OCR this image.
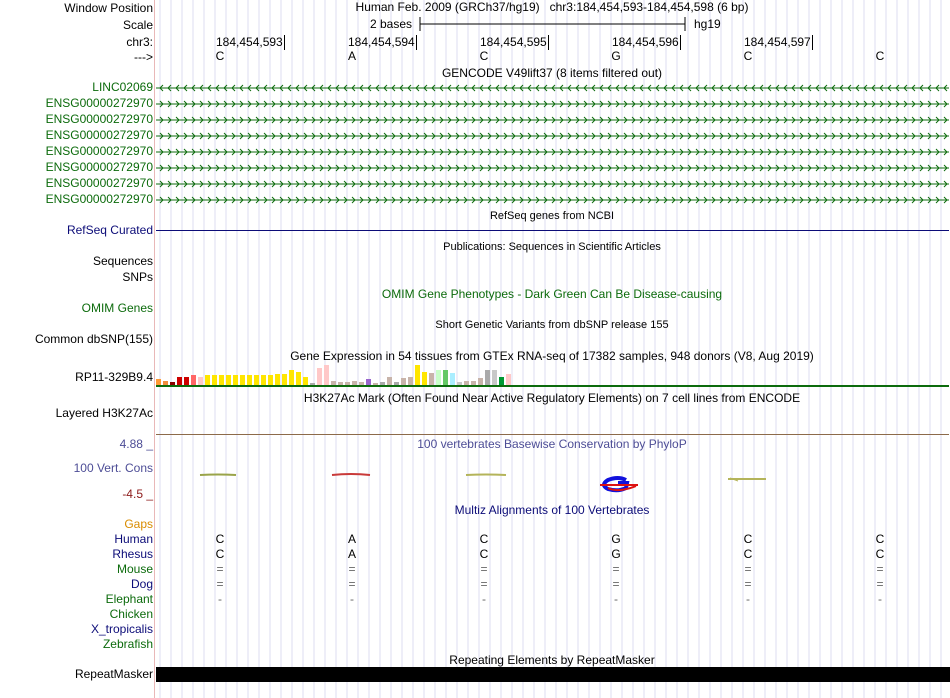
Window Position	Human Feb. 2009 (GRCh37/hg19)   chr3:184,454,593-184,454,598 (6 bp)
Scale	2 bases	hg19
chr3:	184,454,593	184,454,594	184,454,595	184,454,596	184,454,597
--->	C	A	C	G	C	C
GENCODE V49lift37 (8 items filtered out)
LINC02069
ENSG00000272970
ENSG00000272970
ENSG00000272970
ENSG00000272970
ENSG00000272970
ENSG00000272970
ENSG00000272970
RefSeq genes from NCBI
RefSeq Curated
Publications: Sequences in Scientific Articles
Sequences
SNPs
OMIM Gene Phenotypes - Dark Green Can Be Disease-causing
OMIM Genes
Short Genetic Variants from dbSNP release 155
Common dbSNP(155)
Gene Expression in 54 tissues from GTEx RNA-seq of 17382 samples, 948 donors (V8, Aug 2019)
RP11-329B9.4
H3K27Ac Mark (Often Found Near Active Regulatory Elements) on 7 cell lines from ENCODE
Layered H3K27Ac
100 vertebrates Basewise Conservation by PhyloP
4.88 _
100 Vert. Cons
-4.5 _
Multiz Alignments of 100 Vertebrates
Gaps
Human	C	A	C	G	C	C
Rhesus	C	A	C	G	C	C
Mouse	=	=	=	=	=	=
Dog	=	=	=	=	=	=
Elephant	-	-	-	-	-	-
Chicken
X_tropicalis
Zebrafish
Repeating Elements by RepeatMasker
RepeatMasker
